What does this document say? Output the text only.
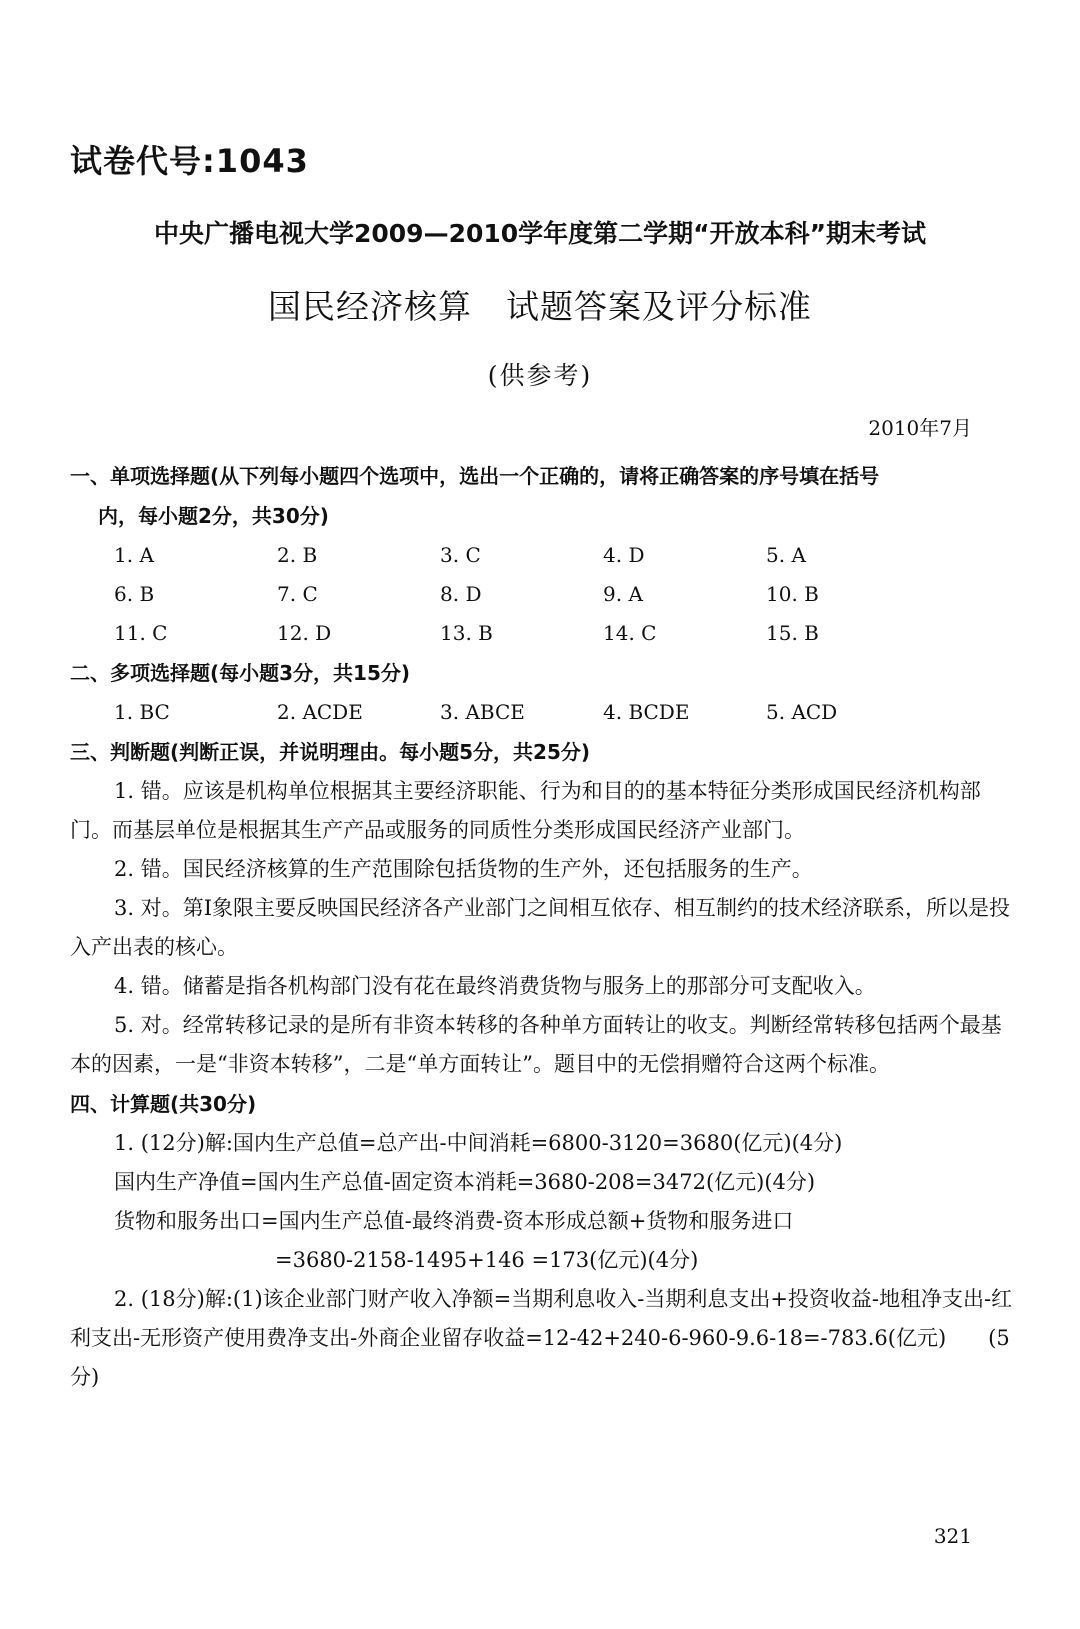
试卷代号:1043
中央广播电视大学2009—2010学年度第二学期“开放本科”期末考试
国民经济核算　试题答案及评分标准
(供参考)
2010年7月
一、单项选择题(从下列每小题四个选项中，选出一个正确的，请将正确答案的序号填在括号
内，每小题2分，共30分)
1. A	2. B	3. C	4. D	5. A
6. B	7. C	8. D	9. A	10. B
11. C	12. D	13. B	14. C	15. B
二、多项选择题(每小题3分，共15分)
1. BC	2. ACDE	3. ABCE	4. BCDE	5. ACD
三、判断题(判断正误，并说明理由。每小题5分，共25分)

1. 错。应该是机构单位根据其主要经济职能、行为和目的的基本特征分类形成国民经济机构部门。而基层单位是根据其生产产品或服务的同质性分类形成国民经济产业部门。

2. 错。国民经济核算的生产范围除包括货物的生产外，还包括服务的生产。

3. 对。第Ⅰ象限主要反映国民经济各产业部门之间相互依存、相互制约的技术经济联系，所以是投入产出表的核心。

4. 错。储蓄是指各机构部门没有花在最终消费货物与服务上的那部分可支配收入。

5. 对。经常转移记录的是所有非资本转移的各种单方面转让的收支。判断经常转移包括两个最基本的因素，一是“非资本转移”，二是“单方面转让”。题目中的无偿捐赠符合这两个标准。

四、计算题(共30分)
1. (12分)解:国内生产总值=总产出-中间消耗=6800-3120=3680(亿元)(4分)
国内生产净值=国内生产总值-固定资本消耗=3680-208=3472(亿元)(4分)
货物和服务出口=国内生产总值-最终消费-资本形成总额+货物和服务进口
=3680-2158-1495+146 =173(亿元)(4分)

2. (18分)解:(1)该企业部门财产收入净额=当期利息收入-当期利息支出+投资收益-地租净支出-红利支出-无形资产使用费净支出-外商企业留存收益=12-42+240-6-960-9.6-18=-783.6(亿元)　　(5分)

321
